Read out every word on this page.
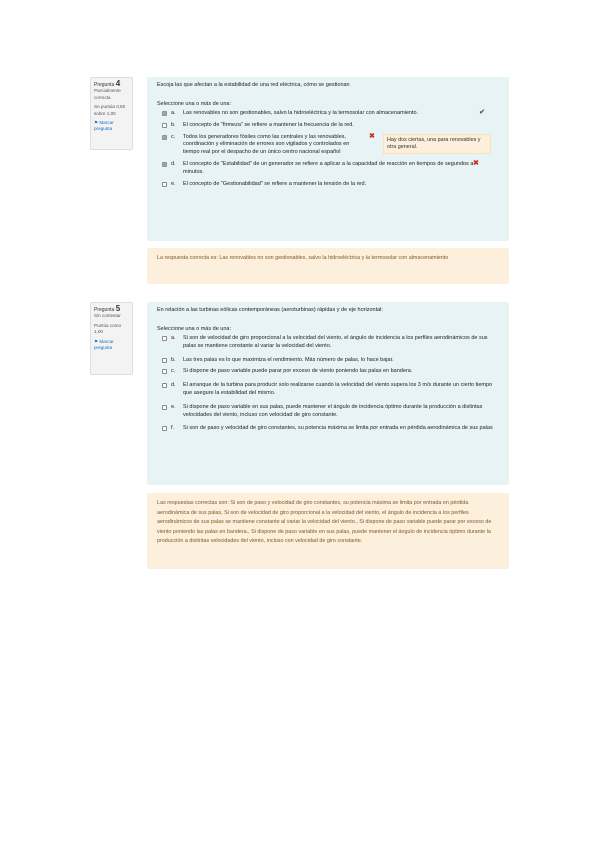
Pregunta 4
Parcialmente correcta
Se puntúa 0,50 sobre 1,00
⚑ Marcar pregunta
Escoja las que afectan a la estabilidad de una red eléctrica, cómo se gestionan
Seleccione una o más de una:
a. Las renovables no son gestionables, salvo la hidroeléctrica y la termosolar con almacenamiento.	✔
b. El concepto de "firmeza" se refiere a mantener la frecuencia de la red.
c. Todos los generadores fósiles como las centrales y las renovables, coordinación y eliminación de errores son vigilados y controlados en tiempo real por el despacho de un único centro nacional español
✖	Hay dos ciertas, una para renovables y otra general.
d. El concepto de "Estabilidad" de un generador se refiere a aplicar a la capacidad de reacción en tiempos de segundos a minutos.
✖
e. El concepto de "Gestionabilidad" se refiere a mantener la tensión de la red.
La respuesta correcta es: Las renovables no son gestionables, salvo la hidroeléctrica y la termosolar con almacenamiento
Pregunta 5
Sin contestar
Puntúa como 1,00
⚑ Marcar pregunta
En relación a las turbinas eólicas contemporáneas (aeroturbinas) rápidas y de eje horizontal:
Seleccione una o más de una:
a. Si son de velocidad de giro proporcional a la velocidad del viento, el ángulo de incidencia a los perfiles aerodinámicos de sus palas se mantiene constante al variar la velocidad del viento.
b. Las tres palas es lo que maximiza el rendimiento. Más número de palas, lo hace bajar.
c. Si dispone de paso variable puede parar por exceso de viento poniendo las palas en bandera.
d. El arranque de la turbina para producir solo realizarse cuando la velocidad del viento supera los 3 m/s durante un cierto tiempo que asegure la estabilidad del mismo.
e. Si dispone de paso variable en sus palas, puede mantener el ángulo de incidencia óptimo durante la producción a distintas velocidades del viento, incluso con velocidad de giro constante.
f. Si son de paso y velocidad de giro constantes, su potencia máxima se limita por entrada en pérdida aerodinámica de sus palas
Las respuestas correctas son: Si son de paso y velocidad de giro constantes, su potencia máxima se limita por entrada en pérdida aerodinámica de sus palas, Si son de velocidad de giro proporcional a la velocidad del viento, el ángulo de incidencia a los perfiles aerodinámicos de sus palas se mantiene constante al variar la velocidad del viento., Si dispone de paso variable puede parar por exceso de viento poniendo las palas en bandera., Si dispone de paso variable en sus palas, puede mantener el ángulo de incidencia óptimo durante la producción a distintas velocidades del viento, incluso con velocidad de giro constante.
